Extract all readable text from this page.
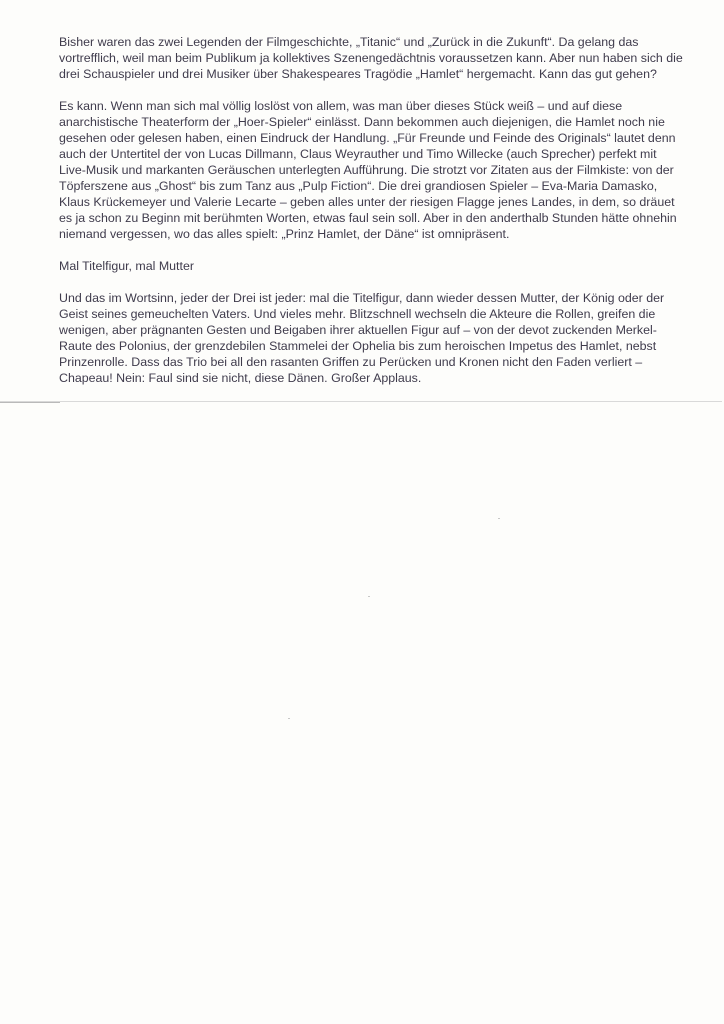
Bisher waren das zwei Legenden der Filmgeschichte, „Titanic“ und „Zurück in die Zukunft“. Da gelang das vortrefflich, weil man beim Publikum ja kollektives Szenengedächtnis voraussetzen kann. Aber nun haben sich die drei Schauspieler und drei Musiker über Shakespeares Tragödie „Hamlet“ hergemacht. Kann das gut gehen?

Es kann. Wenn man sich mal völlig loslöst von allem, was man über dieses Stück weiß – und auf diese anarchistische Theaterform der „Hoer-Spieler“ einlässt. Dann bekommen auch diejenigen, die Hamlet noch nie gesehen oder gelesen haben, einen Eindruck der Handlung. „Für Freunde und Feinde des Originals“ lautet denn auch der Untertitel der von Lucas Dillmann, Claus Weyrauther und Timo Willecke (auch Sprecher) perfekt mit Live-Musik und markanten Geräuschen unterlegten Aufführung. Die strotzt vor Zitaten aus der Filmkiste: von der Töpferszene aus „Ghost“ bis zum Tanz aus „Pulp Fiction“. Die drei grandiosen Spieler – Eva-Maria Damasko, Klaus Krückemeyer und Valerie Lecarte – geben alles unter der riesigen Flagge jenes Landes, in dem, so dräuet es ja schon zu Beginn mit berühmten Worten, etwas faul sein soll. Aber in den anderthalb Stunden hätte ohnehin niemand vergessen, wo das alles spielt: „Prinz Hamlet, der Däne“ ist omnipräsent.

Mal Titelfigur, mal Mutter

Und das im Wortsinn, jeder der Drei ist jeder: mal die Titelfigur, dann wieder dessen Mutter, der König oder der Geist seines gemeuchelten Vaters. Und vieles mehr. Blitzschnell wechseln die Akteure die Rollen, greifen die wenigen, aber prägnanten Gesten und Beigaben ihrer aktuellen Figur auf – von der devot zuckenden Merkel-Raute des Polonius, der grenzdebilen Stammelei der Ophelia bis zum heroischen Impetus des Hamlet, nebst Prinzenrolle. Dass das Trio bei all den rasanten Griffen zu Perücken und Kronen nicht den Faden verliert – Chapeau! Nein: Faul sind sie nicht, diese Dänen. Großer Applaus.
